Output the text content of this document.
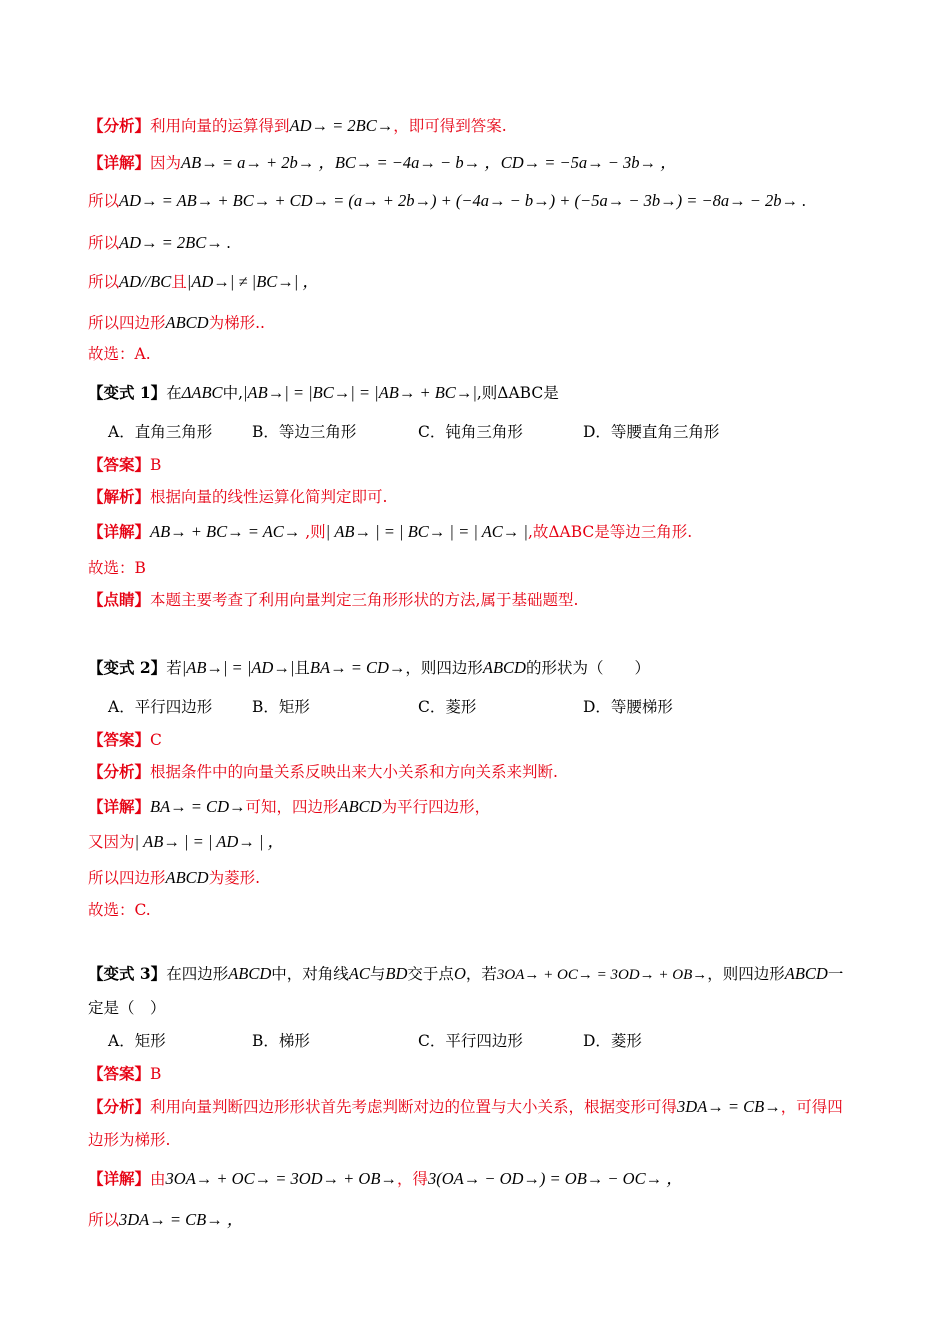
【分析】利用向量的运算得到AD→ = 2BC→，即可得到答案.
【详解】因为AB→ = a→ + 2b→ ，BC→ = −4a→ − b→ ，CD→ = −5a→ − 3b→ ，
所以AD→ = AB→ + BC→ + CD→ = (a→ + 2b→) + (−4a→ − b→) + (−5a→ − 3b→) = −8a→ − 2b→ .
所以AD→ = 2BC→ .
所以AD//BC且|AD→| ≠ |BC→| ，
所以四边形ABCD为梯形..
故选：A.
【变式 1】在ΔABC中,|AB→| = |BC→| = |AB→ + BC→|,则ΔABC是
A．直角三角形	B．等边三角形	C．钝角三角形	D．等腰直角三角形
【答案】B
【解析】根据向量的线性运算化简判定即可.
【详解】AB→ + BC→ = AC→ ,则| AB→ | = | BC→ | = | AC→ |,故ΔABC是等边三角形.
故选：B
【点睛】本题主要考查了利用向量判定三角形形状的方法,属于基础题型.
【变式 2】若|AB→| = |AD→|且BA→ = CD→，则四边形ABCD的形状为（　　）
A．平行四边形	B．矩形	C．菱形	D．等腰梯形
【答案】C
【分析】根据条件中的向量关系反映出来大小关系和方向关系来判断.
【详解】BA→ = CD→可知，四边形ABCD为平行四边形，
又因为| AB→ | = | AD→ | ，
所以四边形ABCD为菱形.
故选：C.
【变式 3】在四边形ABCD中，对角线AC与BD交于点O，若3OA→ + OC→ = 3OD→ + OB→，则四边形ABCD一
定是（　）
A．矩形	B．梯形	C．平行四边形	D．菱形
【答案】B
【分析】利用向量判断四边形形状首先考虑判断对边的位置与大小关系，根据变形可得3DA→ = CB→，可得四
边形为梯形.
【详解】由3OA→ + OC→ = 3OD→ + OB→，得3(OA→ − OD→) = OB→ − OC→ ，
所以3DA→ = CB→ ，
